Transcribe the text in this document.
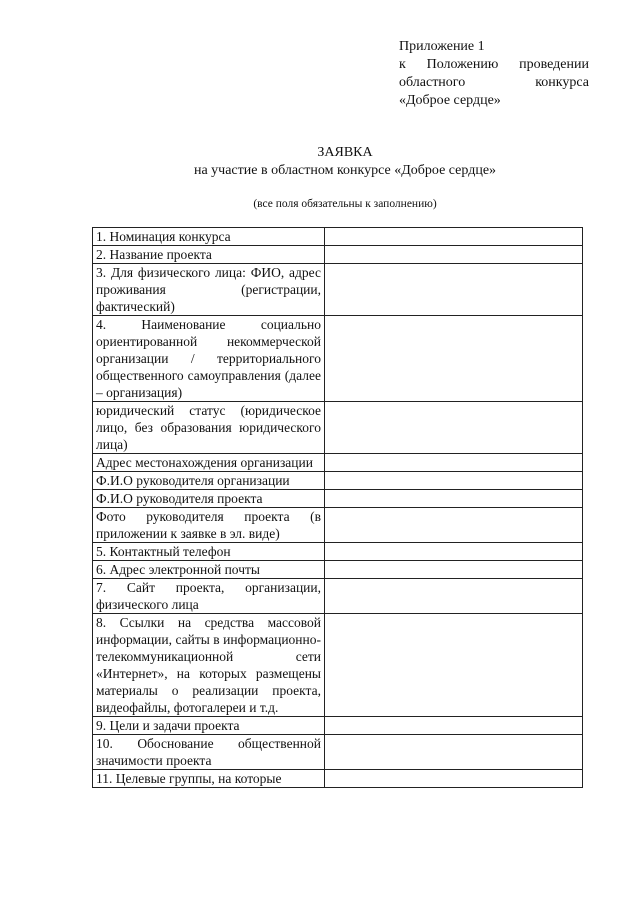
Приложение 1
к Положению проведении
областного конкурса
«Доброе сердце»
ЗАЯВКА
на участие в областном конкурсе «Доброе сердце»
(все поля обязательны к заполнению)
1. Номинация конкурса	
2. Название проекта	
3. Для физического лица: ФИО, адрес проживания (регистрации, фактический)	
4. Наименование социально ориентированной некоммерческой организации / территориального общественного самоуправления (далее – организация)	
юридический статус (юридическое лицо, без образования юридического лица)	
Адрес местонахождения организации	
Ф.И.О руководителя организации	
Ф.И.О руководителя проекта	
Фото руководителя проекта (в приложении к заявке в эл. виде)	
5. Контактный телефон	
6. Адрес электронной почты	
7. Сайт проекта, организации, физического лица	
8. Ссылки на средства массовой информации, сайты в информационно-телекоммуникационной сети «Интернет», на которых размещены материалы о реализации проекта, видеофайлы, фотогалереи и т.д.	
9. Цели и задачи проекта	
10. Обоснование общественной значимости проекта	
11. Целевые группы, на которые	
